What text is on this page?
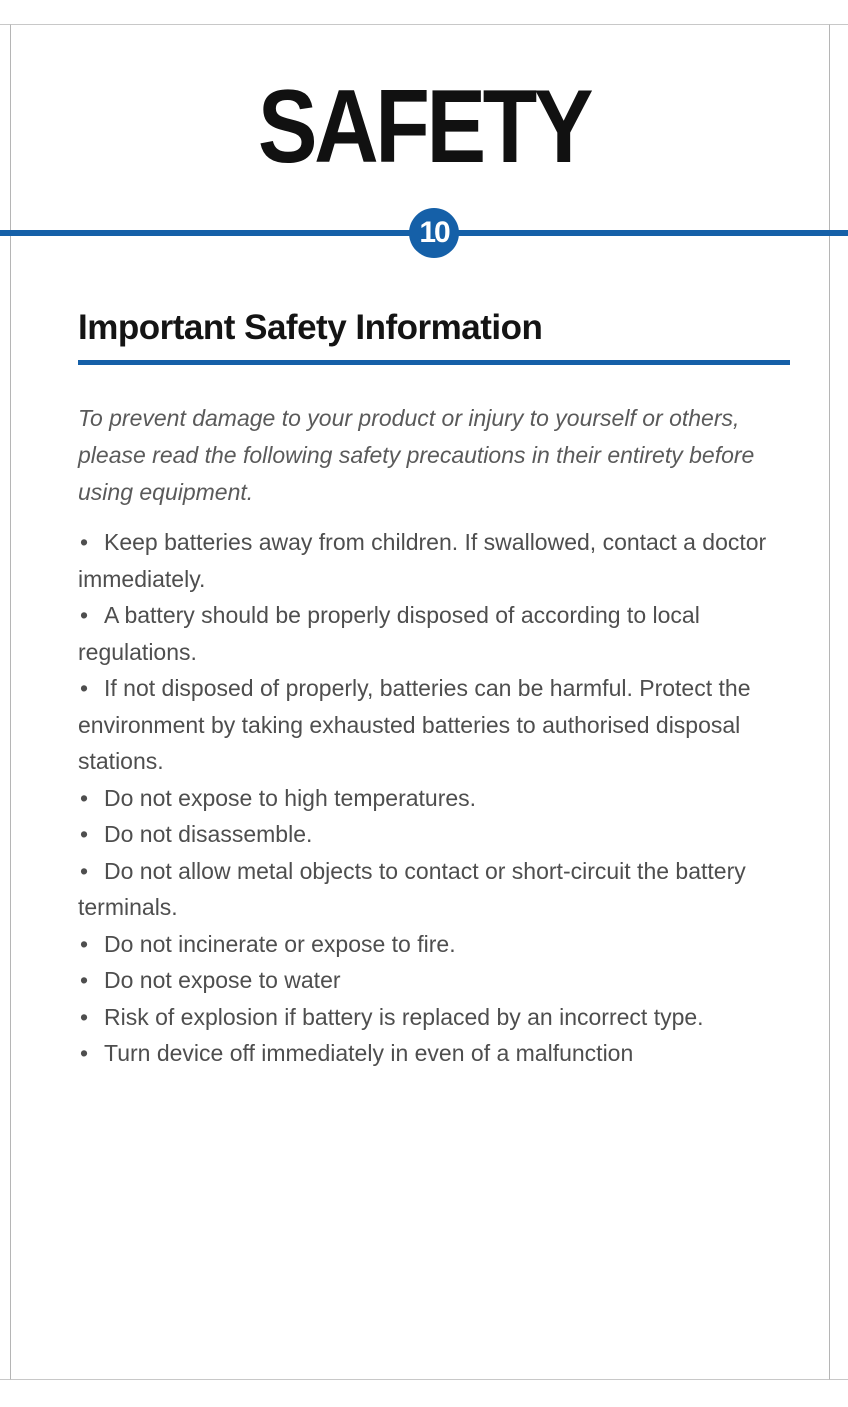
SAFETY
10
Important Safety Information
To prevent damage to your product or injury to yourself or others, please read the following safety precautions in their entirety before using equipment.
• Keep batteries away from children. If swallowed, contact a doctor immediately.
• A battery should be properly disposed of according to local regulations.
• If not disposed of properly, batteries can be harmful. Protect the environment by taking exhausted batteries to authorised disposal stations.
• Do not expose to high temperatures.
• Do not disassemble.
• Do not allow metal objects to contact or short-circuit the battery terminals.
• Do not incinerate or expose to fire.
• Do not expose to water
• Risk of explosion if battery is replaced by an incorrect type.
• Turn device off immediately in even of a malfunction
